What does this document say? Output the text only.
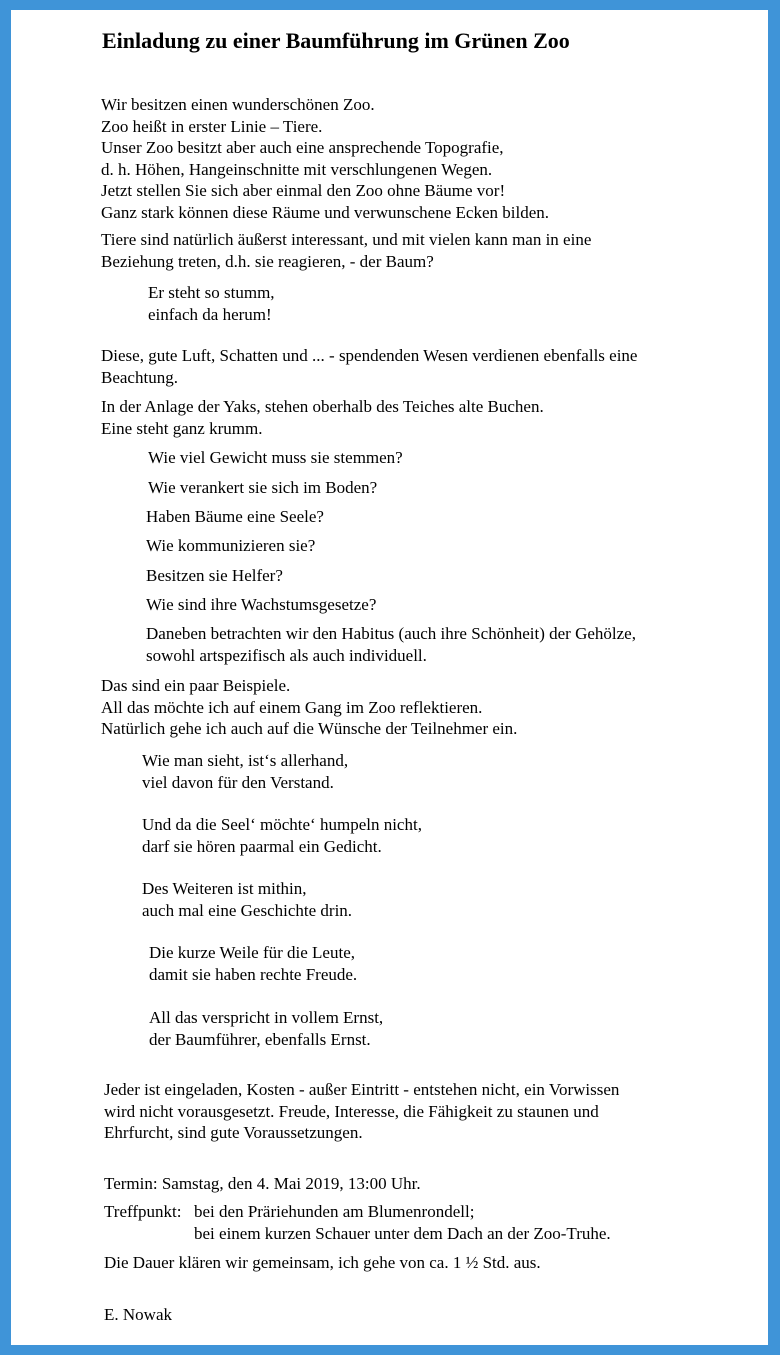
Einladung zu einer Baumführung im Grünen Zoo

Wir besitzen einen wunderschönen Zoo.
Zoo heißt in erster Linie – Tiere.
Unser Zoo besitzt aber auch eine ansprechende Topografie,
d. h. Höhen, Hangeinschnitte mit verschlungenen Wegen.
Jetzt stellen Sie sich aber einmal den Zoo ohne Bäume vor!
Ganz stark können diese Räume und verwunschene Ecken bilden.

Tiere sind natürlich äußerst interessant, und mit vielen kann man in eine
Beziehung treten, d.h. sie reagieren, - der Baum?

Er steht so stumm,
einfach da herum!

Diese, gute Luft, Schatten und ... - spendenden Wesen verdienen ebenfalls eine
Beachtung.

In der Anlage der Yaks, stehen oberhalb des Teiches alte Buchen.
Eine steht ganz krumm.

Wie viel Gewicht muss sie stemmen?

Wie verankert sie sich im Boden?

Haben Bäume eine Seele?

Wie kommunizieren sie?

Besitzen sie Helfer?

Wie sind ihre Wachstumsgesetze?

Daneben betrachten wir den Habitus (auch ihre Schönheit) der Gehölze,
sowohl artspezifisch als auch individuell.

Das sind ein paar Beispiele.
All das möchte ich auf einem Gang im Zoo reflektieren.
Natürlich gehe ich auch auf die Wünsche der Teilnehmer ein.

Wie man sieht, ist‘s allerhand,
viel davon für den Verstand.

Und da die Seel‘ möchte‘ humpeln nicht,
darf sie hören paarmal ein Gedicht.

Des Weiteren ist mithin,
auch mal eine Geschichte drin.

Die kurze Weile für die Leute,
damit sie haben rechte Freude.

All das verspricht in vollem Ernst,
der Baumführer, ebenfalls Ernst.

Jeder ist eingeladen, Kosten - außer Eintritt - entstehen nicht, ein Vorwissen
wird nicht vorausgesetzt. Freude, Interesse, die Fähigkeit zu staunen und
Ehrfurcht, sind gute Voraussetzungen.

Termin: Samstag, den 4. Mai 2019, 13:00 Uhr.

Treffpunkt: bei den Präriehunden am Blumenrondell;

bei einem kurzen Schauer unter dem Dach an der Zoo-Truhe.

Die Dauer klären wir gemeinsam, ich gehe von ca. 1 ½ Std. aus.

E. Nowak
